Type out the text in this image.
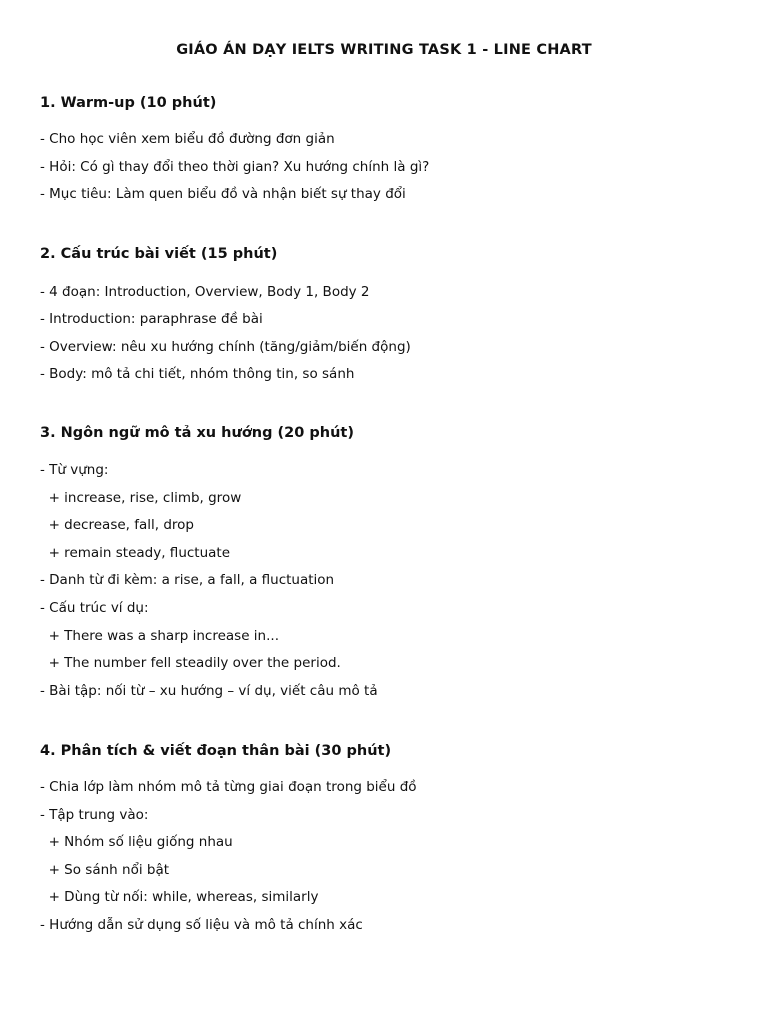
GIÁO ÁN DẠY IELTS WRITING TASK 1 - LINE CHART
1. Warm-up (10 phút)
- Cho học viên xem biểu đồ đường đơn giản
- Hỏi: Có gì thay đổi theo thời gian? Xu hướng chính là gì?
- Mục tiêu: Làm quen biểu đồ và nhận biết sự thay đổi
2. Cấu trúc bài viết (15 phút)
- 4 đoạn: Introduction, Overview, Body 1, Body 2
- Introduction: paraphrase đề bài
- Overview: nêu xu hướng chính (tăng/giảm/biến động)
- Body: mô tả chi tiết, nhóm thông tin, so sánh
3. Ngôn ngữ mô tả xu hướng (20 phút)
- Từ vựng:
+ increase, rise, climb, grow
+ decrease, fall, drop
+ remain steady, fluctuate
- Danh từ đi kèm: a rise, a fall, a fluctuation
- Cấu trúc ví dụ:
+ There was a sharp increase in...
+ The number fell steadily over the period.
- Bài tập: nối từ – xu hướng – ví dụ, viết câu mô tả
4. Phân tích & viết đoạn thân bài (30 phút)
- Chia lớp làm nhóm mô tả từng giai đoạn trong biểu đồ
- Tập trung vào:
+ Nhóm số liệu giống nhau
+ So sánh nổi bật
+ Dùng từ nối: while, whereas, similarly
- Hướng dẫn sử dụng số liệu và mô tả chính xác
